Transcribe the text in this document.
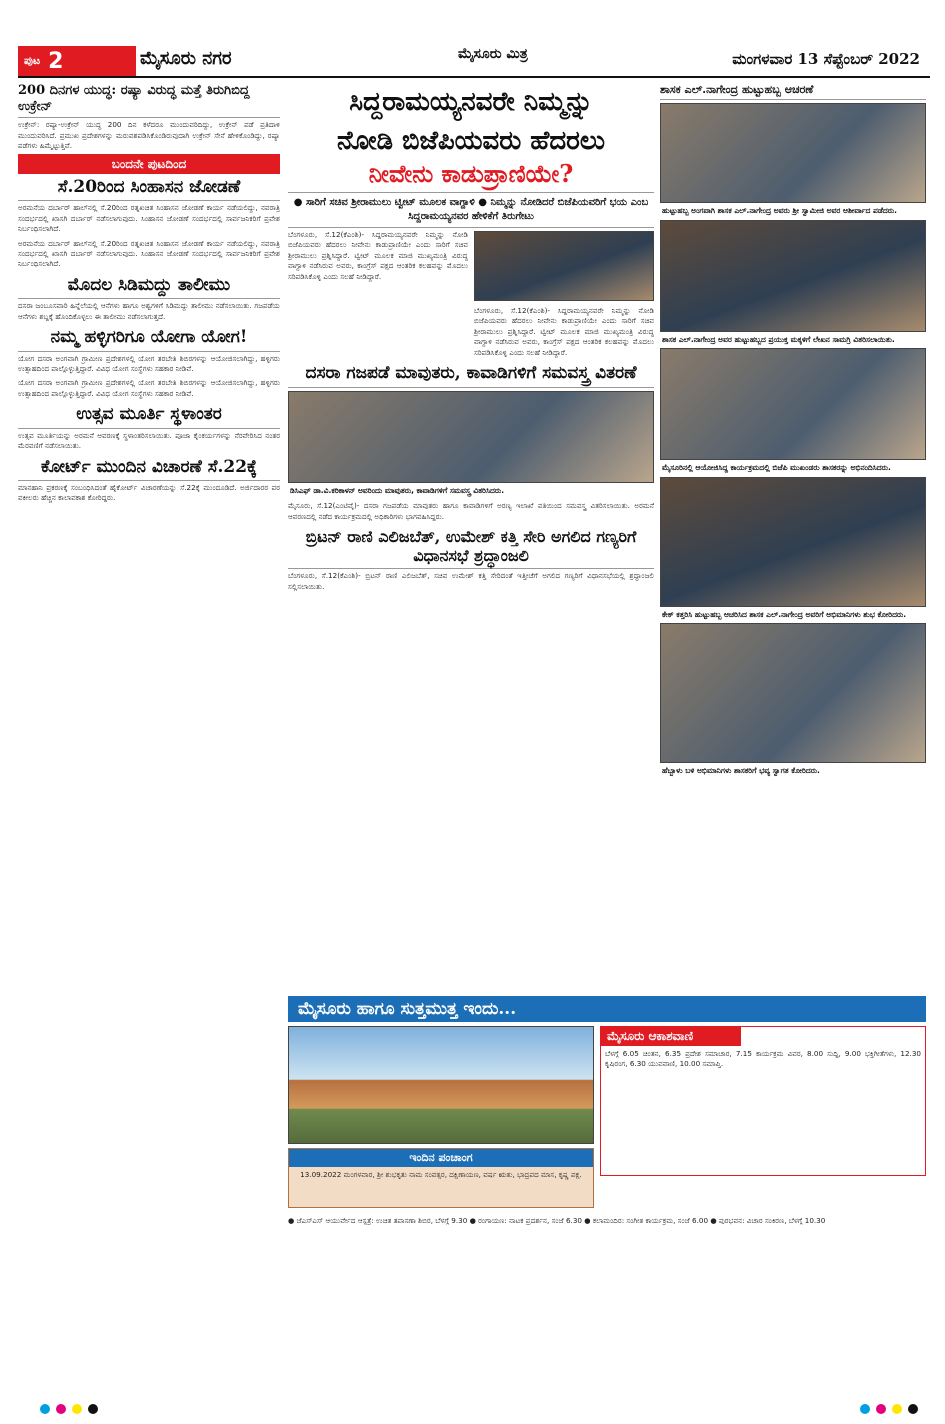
ಪುಟ 2	ಮೈಸೂರು ನಗರ	ಮೈಸೂರು ಮಿತ್ರ	ಮಂಗಳವಾರ 13 ಸೆಪ್ಟೆಂಬರ್ 2022
200 ದಿನಗಳ ಯುದ್ಧ: ರಷ್ಯಾ ವಿರುದ್ಧ ಮತ್ತೆ ತಿರುಗಿಬಿದ್ದ ಉಕ್ರೇನ್
ಉಕ್ರೇನ್: ರಷ್ಯಾ-ಉಕ್ರೇನ್ ಯುದ್ಧ 200 ದಿನ ಕಳೆದರೂ ಮುಂದುವರಿದಿದ್ದು, ಉಕ್ರೇನ್ ಪಡೆ ಪ್ರತಿದಾಳಿ ಮುಂದುವರಿಸಿದೆ. ಪ್ರಮುಖ ಪ್ರದೇಶಗಳನ್ನು ಮರುವಶಪಡಿಸಿಕೊಂಡಿರುವುದಾಗಿ ಉಕ್ರೇನ್ ಸೇನೆ ಹೇಳಿಕೊಂಡಿದ್ದು, ರಷ್ಯಾ ಪಡೆಗಳು ಹಿಮ್ಮೆಟ್ಟುತ್ತಿವೆ.
ಬಂದನೇ ಪುಟದಿಂದ
ಸೆ.20ರಿಂದ ಸಿಂಹಾಸನ ಜೋಡಣೆ
ಅರಮನೆಯ ದರ್ಬಾರ್ ಹಾಲ್‌ನಲ್ಲಿ ಸೆ.20ರಿಂದ ರತ್ನಖಚಿತ ಸಿಂಹಾಸನ ಜೋಡಣೆ ಕಾರ್ಯ ನಡೆಯಲಿದ್ದು, ನವರಾತ್ರಿ ಸಂದರ್ಭದಲ್ಲಿ ಖಾಸಗಿ ದರ್ಬಾರ್ ನಡೆಸಲಾಗುವುದು. ಸಿಂಹಾಸನ ಜೋಡಣೆ ಸಂದರ್ಭದಲ್ಲಿ ಸಾರ್ವಜನಿಕರಿಗೆ ಪ್ರವೇಶ ನಿರ್ಬಂಧಿಸಲಾಗಿದೆ.
ಅರಮನೆಯ ದರ್ಬಾರ್ ಹಾಲ್‌ನಲ್ಲಿ ಸೆ.20ರಿಂದ ರತ್ನಖಚಿತ ಸಿಂಹಾಸನ ಜೋಡಣೆ ಕಾರ್ಯ ನಡೆಯಲಿದ್ದು, ನವರಾತ್ರಿ ಸಂದರ್ಭದಲ್ಲಿ ಖಾಸಗಿ ದರ್ಬಾರ್ ನಡೆಸಲಾಗುವುದು. ಸಿಂಹಾಸನ ಜೋಡಣೆ ಸಂದರ್ಭದಲ್ಲಿ ಸಾರ್ವಜನಿಕರಿಗೆ ಪ್ರವೇಶ ನಿರ್ಬಂಧಿಸಲಾಗಿದೆ.
ಮೊದಲ ಸಿಡಿಮದ್ದು ತಾಲೀಮು
ದಸರಾ ಜಂಬೂಸವಾರಿ ಹಿನ್ನೆಲೆಯಲ್ಲಿ ಆನೆಗಳು ಹಾಗೂ ಅಶ್ವಗಳಿಗೆ ಸಿಡಿಮದ್ದು ತಾಲೀಮು ನಡೆಸಲಾಯಿತು. ಗಜಪಡೆಯ ಆನೆಗಳು ಶಬ್ದಕ್ಕೆ ಹೊಂದಿಕೊಳ್ಳಲು ಈ ತಾಲೀಮು ನಡೆಸಲಾಗುತ್ತದೆ.
ನಮ್ಮ ಹಳ್ಳಿಗರಿಗೂ ಯೋಗಾ ಯೋಗ!
ಯೋಗ ದಸರಾ ಅಂಗವಾಗಿ ಗ್ರಾಮೀಣ ಪ್ರದೇಶಗಳಲ್ಲಿ ಯೋಗ ತರಬೇತಿ ಶಿಬಿರಗಳನ್ನು ಆಯೋಜಿಸಲಾಗಿದ್ದು, ಹಳ್ಳಿಗರು ಉತ್ಸಾಹದಿಂದ ಪಾಲ್ಗೊಳ್ಳುತ್ತಿದ್ದಾರೆ. ವಿವಿಧ ಯೋಗ ಸಂಸ್ಥೆಗಳು ಸಹಕಾರ ನೀಡಿವೆ.
ಯೋಗ ದಸರಾ ಅಂಗವಾಗಿ ಗ್ರಾಮೀಣ ಪ್ರದೇಶಗಳಲ್ಲಿ ಯೋಗ ತರಬೇತಿ ಶಿಬಿರಗಳನ್ನು ಆಯೋಜಿಸಲಾಗಿದ್ದು, ಹಳ್ಳಿಗರು ಉತ್ಸಾಹದಿಂದ ಪಾಲ್ಗೊಳ್ಳುತ್ತಿದ್ದಾರೆ. ವಿವಿಧ ಯೋಗ ಸಂಸ್ಥೆಗಳು ಸಹಕಾರ ನೀಡಿವೆ.
ಉತ್ಸವ ಮೂರ್ತಿ ಸ್ಥಳಾಂತರ
ಉತ್ಸವ ಮೂರ್ತಿಯನ್ನು ಅರಮನೆ ಆವರಣಕ್ಕೆ ಸ್ಥಳಾಂತರಿಸಲಾಯಿತು. ಪೂಜಾ ಕೈಂಕರ್ಯಗಳನ್ನು ನೆರವೇರಿಸಿದ ನಂತರ ಮೆರವಣಿಗೆ ನಡೆಸಲಾಯಿತು.
ಕೋರ್ಟ್ ಮುಂದಿನ ವಿಚಾರಣೆ ಸೆ.22ಕ್ಕೆ
ಮಾನಹಾನಿ ಪ್ರಕರಣಕ್ಕೆ ಸಂಬಂಧಿಸಿದಂತೆ ಹೈಕೋರ್ಟ್ ವಿಚಾರಣೆಯನ್ನು ಸೆ.22ಕ್ಕೆ ಮುಂದೂಡಿದೆ. ಅರ್ಜಿದಾರರ ಪರ ವಕೀಲರು ಹೆಚ್ಚಿನ ಕಾಲಾವಕಾಶ ಕೋರಿದ್ದರು.
ಸಿದ್ದರಾಮಯ್ಯನವರೇ ನಿಮ್ಮನ್ನು
ನೋಡಿ ಬಿಜೆಪಿಯವರು ಹೆದರಲು
ನೀವೇನು ಕಾಡುಪ್ರಾಣಿಯೇ?
● ಸಾರಿಗೆ ಸಚಿವ ಶ್ರೀರಾಮುಲು ಟ್ವೀಟ್ ಮೂಲಕ ವಾಗ್ದಾಳಿ ● ನಿಮ್ಮನ್ನು ನೋಡಿದರೆ ಬಿಜೆಪಿಯವರಿಗೆ ಭಯ ಎಂಬ ಸಿದ್ದರಾಮಯ್ಯನವರ ಹೇಳಿಕೆಗೆ ತಿರುಗೇಟು
ಬೆಂಗಳೂರು, ಸೆ.12(ಕೆಎಂಶಿ)- ಸಿದ್ದರಾಮಯ್ಯನವರೇ ನಿಮ್ಮನ್ನು ನೋಡಿ ಬಿಜೆಪಿಯವರು ಹೆದರಲು ನೀವೇನು ಕಾಡುಪ್ರಾಣಿಯೇ ಎಂದು ಸಾರಿಗೆ ಸಚಿವ ಶ್ರೀರಾಮುಲು ಪ್ರಶ್ನಿಸಿದ್ದಾರೆ. ಟ್ವೀಟ್ ಮೂಲಕ ಮಾಜಿ ಮುಖ್ಯಮಂತ್ರಿ ವಿರುದ್ಧ ವಾಗ್ದಾಳಿ ನಡೆಸಿರುವ ಅವರು, ಕಾಂಗ್ರೆಸ್ ಪಕ್ಷದ ಆಂತರಿಕ ಕಲಹವನ್ನು ಮೊದಲು ಸರಿಪಡಿಸಿಕೊಳ್ಳಿ ಎಂದು ಸಲಹೆ ನೀಡಿದ್ದಾರೆ.
ಬೆಂಗಳೂರು, ಸೆ.12(ಕೆಎಂಶಿ)- ಸಿದ್ದರಾಮಯ್ಯನವರೇ ನಿಮ್ಮನ್ನು ನೋಡಿ ಬಿಜೆಪಿಯವರು ಹೆದರಲು ನೀವೇನು ಕಾಡುಪ್ರಾಣಿಯೇ ಎಂದು ಸಾರಿಗೆ ಸಚಿವ ಶ್ರೀರಾಮುಲು ಪ್ರಶ್ನಿಸಿದ್ದಾರೆ. ಟ್ವೀಟ್ ಮೂಲಕ ಮಾಜಿ ಮುಖ್ಯಮಂತ್ರಿ ವಿರುದ್ಧ ವಾಗ್ದಾಳಿ ನಡೆಸಿರುವ ಅವರು, ಕಾಂಗ್ರೆಸ್ ಪಕ್ಷದ ಆಂತರಿಕ ಕಲಹವನ್ನು ಮೊದಲು ಸರಿಪಡಿಸಿಕೊಳ್ಳಿ ಎಂದು ಸಲಹೆ ನೀಡಿದ್ದಾರೆ.
ದಸರಾ ಗಜಪಡೆ ಮಾವುತರು, ಕಾವಾಡಿಗಳಿಗೆ ಸಮವಸ್ತ್ರ ವಿತರಣೆ
ಡಿಸಿಎಫ್ ಡಾ.ವಿ.ಕರಿಕಾಳನ್ ಅವರಿಂದು ಮಾವುತರು, ಕಾವಾಡಿಗಳಿಗೆ ಸಮವಸ್ತ್ರ ವಿತರಿಸಿದರು.
ಮೈಸೂರು, ಸೆ.12(ಎಂಟಿವೈ)- ದಸರಾ ಗಜಪಡೆಯ ಮಾವುತರು ಹಾಗೂ ಕಾವಾಡಿಗಳಿಗೆ ಅರಣ್ಯ ಇಲಾಖೆ ವತಿಯಿಂದ ಸಮವಸ್ತ್ರ ವಿತರಿಸಲಾಯಿತು. ಅರಮನೆ ಆವರಣದಲ್ಲಿ ನಡೆದ ಕಾರ್ಯಕ್ರಮದಲ್ಲಿ ಅಧಿಕಾರಿಗಳು ಭಾಗವಹಿಸಿದ್ದರು.
ಬ್ರಿಟನ್ ರಾಣಿ ಎಲಿಜಬೆತ್, ಉಮೇಶ್ ಕತ್ತಿ ಸೇರಿ ಅಗಲಿದ ಗಣ್ಯರಿಗೆ ವಿಧಾನಸಭೆ ಶ್ರದ್ಧಾಂಜಲಿ
ಬೆಂಗಳೂರು, ಸೆ.12(ಕೆಎಂಶಿ)- ಬ್ರಿಟನ್ ರಾಣಿ ಎಲಿಜಬೆತ್, ಸಚಿವ ಉಮೇಶ್ ಕತ್ತಿ ಸೇರಿದಂತೆ ಇತ್ತೀಚೆಗೆ ಅಗಲಿದ ಗಣ್ಯರಿಗೆ ವಿಧಾನಸಭೆಯಲ್ಲಿ ಶ್ರದ್ಧಾಂಜಲಿ ಸಲ್ಲಿಸಲಾಯಿತು.
ಶಾಸಕ ಎಲ್.ನಾಗೇಂದ್ರ ಹುಟ್ಟುಹಬ್ಬ ಆಚರಣೆ
ಹುಟ್ಟುಹಬ್ಬ ಅಂಗವಾಗಿ ಶಾಸಕ ಎಲ್.ನಾಗೇಂದ್ರ ಅವರು ಶ್ರೀ ಸ್ವಾಮೀಜಿ ಅವರ ಆಶೀರ್ವಾದ ಪಡೆದರು.
ಶಾಸಕ ಎಲ್.ನಾಗೇಂದ್ರ ಅವರ ಹುಟ್ಟುಹಬ್ಬದ ಪ್ರಯುಕ್ತ ಮಕ್ಕಳಿಗೆ ಲೇಖನ ಸಾಮಗ್ರಿ ವಿತರಿಸಲಾಯಿತು.
ಮೈಸೂರಿನಲ್ಲಿ ಆಯೋಜಿಸಿದ್ದ ಕಾರ್ಯಕ್ರಮದಲ್ಲಿ ಬಿಜೆಪಿ ಮುಖಂಡರು ಶಾಸಕರನ್ನು ಅಭಿನಂದಿಸಿದರು.
ಕೇಕ್ ಕತ್ತರಿಸಿ ಹುಟ್ಟುಹಬ್ಬ ಆಚರಿಸಿದ ಶಾಸಕ ಎಲ್.ನಾಗೇಂದ್ರ ಅವರಿಗೆ ಅಭಿಮಾನಿಗಳು ಶುಭ ಕೋರಿದರು.
ಹೆಬ್ಬಾಳು ಬಳಿ ಅಭಿಮಾನಿಗಳು ಶಾಸಕರಿಗೆ ಭವ್ಯ ಸ್ವಾಗತ ಕೋರಿದರು.
ಮೈಸೂರು ಹಾಗೂ ಸುತ್ತಮುತ್ತ ಇಂದು...
ಮೈಸೂರು ಆಕಾಶವಾಣಿ
ಬೆಳಗ್ಗೆ 6.05 ಚಿಂತನ, 6.35 ಪ್ರದೇಶ ಸಮಾಚಾರ, 7.15 ಕಾರ್ಯಕ್ರಮ ವಿವರ, 8.00 ಸುದ್ದಿ, 9.00 ಭಕ್ತಿಗೀತೆಗಳು, 12.30 ಕೃಷಿರಂಗ, 6.30 ಯುವವಾಣಿ, 10.00 ಸಮಾಪ್ತಿ.
ಇಂದಿನ ಪಂಚಾಂಗ
13.09.2022 ಮಂಗಳವಾರ, ಶ್ರೀ ಶುಭಕೃತು ನಾಮ ಸಂವತ್ಸರ, ದಕ್ಷಿಣಾಯಣ, ವರ್ಷ ಋತು, ಭಾದ್ರಪದ ಮಾಸ, ಕೃಷ್ಣ ಪಕ್ಷ.
● ಜೆಎಸ್‌ಎಸ್ ಆಯುರ್ವೇದ ಆಸ್ಪತ್ರೆ: ಉಚಿತ ತಪಾಸಣಾ ಶಿಬಿರ, ಬೆಳಗ್ಗೆ 9.30 ● ರಂಗಾಯಣ: ನಾಟಕ ಪ್ರದರ್ಶನ, ಸಂಜೆ 6.30 ● ಕಲಾಮಂದಿರ: ಸಂಗೀತ ಕಾರ್ಯಕ್ರಮ, ಸಂಜೆ 6.00 ● ಪುರಭವನ: ವಿಚಾರ ಸಂಕಿರಣ, ಬೆಳಗ್ಗೆ 10.30
